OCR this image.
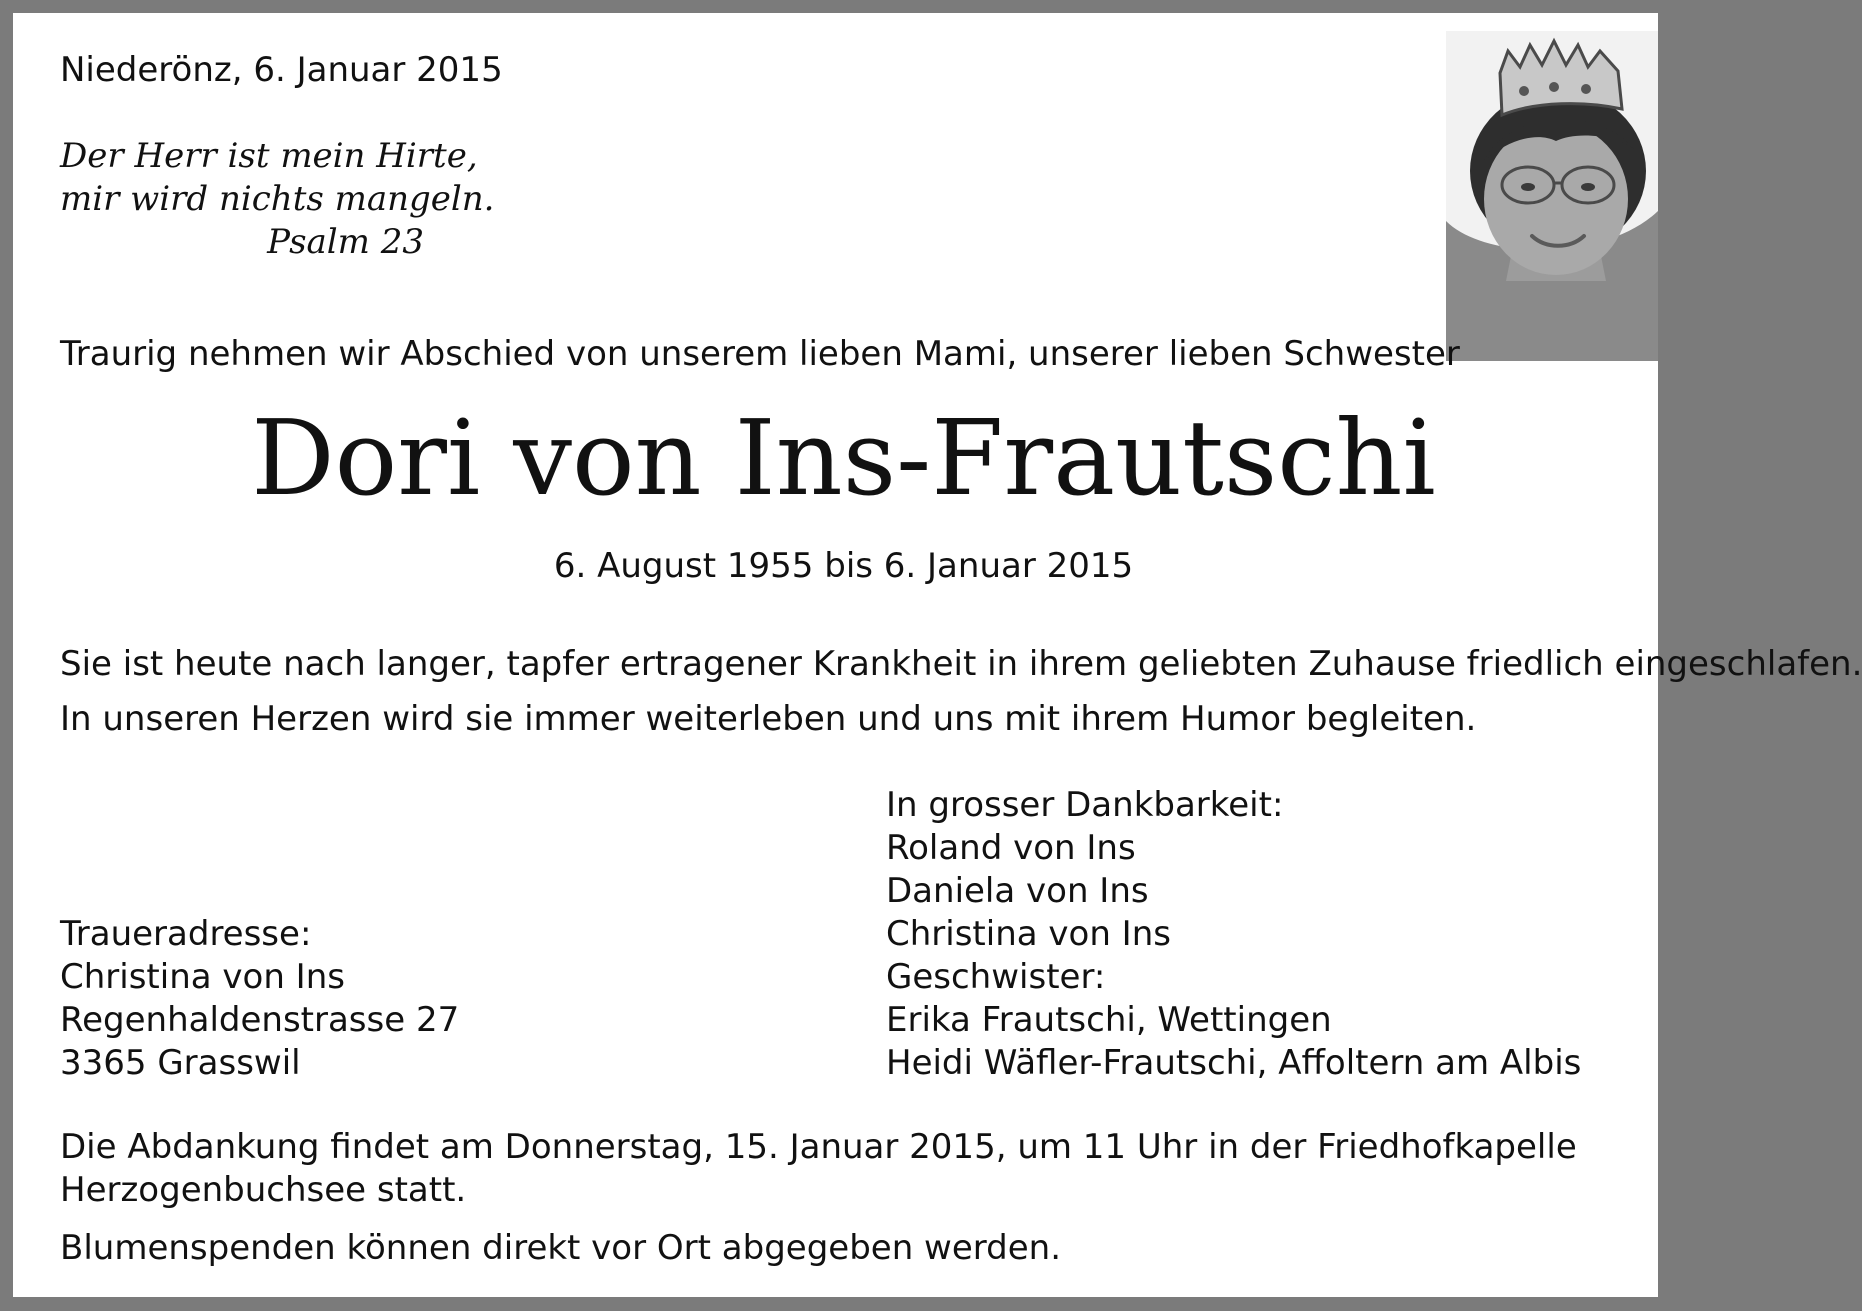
Niederönz, 6. Januar 2015

Der Herr ist mein Hirte,
mir wird nichts mangeln.
Psalm 23

Traurig nehmen wir Abschied von unserem lieben Mami, unserer lieben Schwester

Dori von Ins-Frautschi
6. August 1955 bis 6. Januar 2015

Sie ist heute nach langer, tapfer ertragener Krankheit in ihrem geliebten Zuhause friedlich eingeschlafen.

In unseren Herzen wird sie immer weiterleben und uns mit ihrem Humor begleiten.

Traueradresse:
Christina von Ins
Regenhaldenstrasse 27
3365 Grasswil
In grosser Dankbarkeit:
Roland von Ins
Daniela von Ins
Christina von Ins
Geschwister:
Erika Frautschi, Wettingen
Heidi Wäfler-Frautschi, Affoltern am Albis
Die Abdankung findet am Donnerstag, 15. Januar 2015, um 11 Uhr in der Friedhofkapelle Herzogenbuchsee statt.

Blumenspenden können direkt vor Ort abgegeben werden.
